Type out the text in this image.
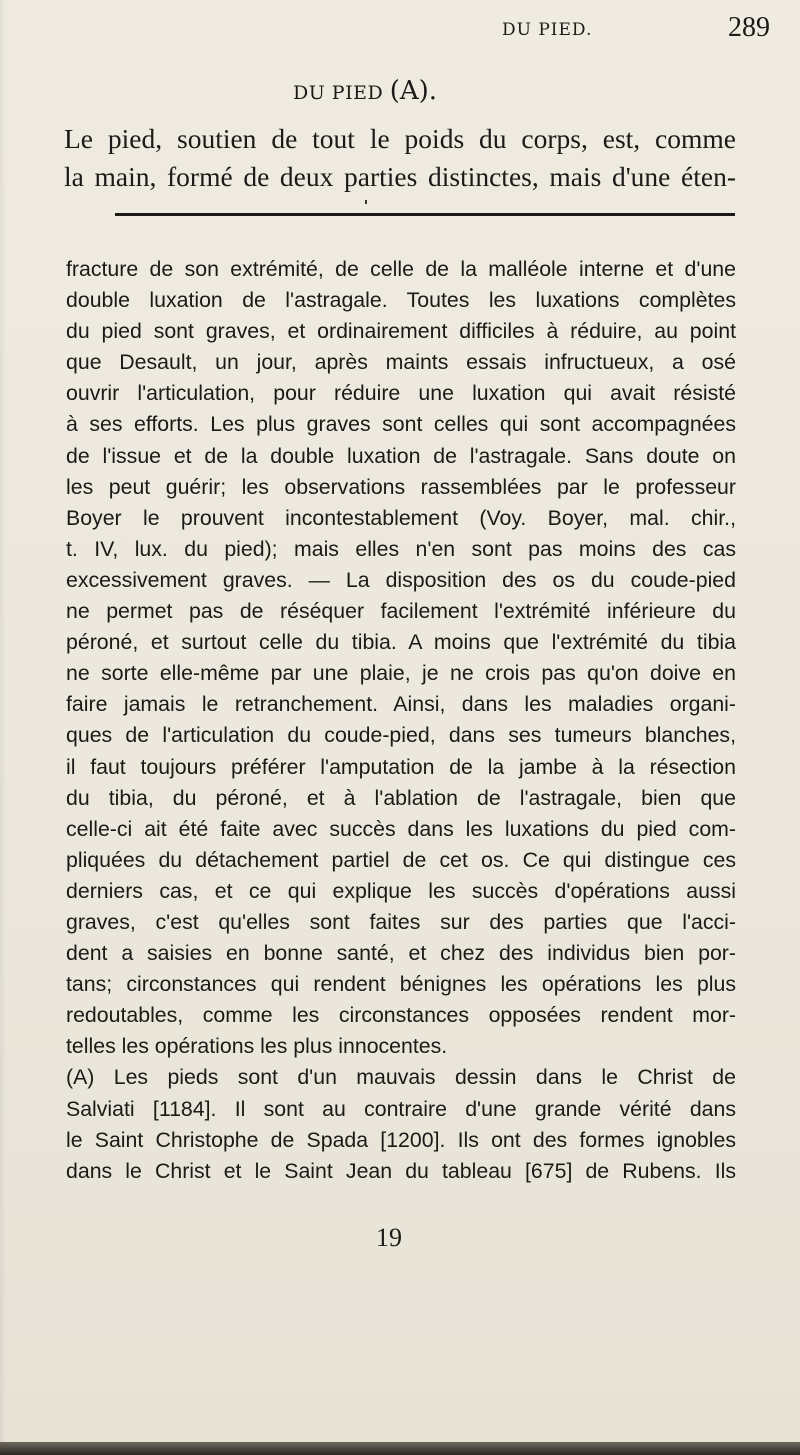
DU PIED.	289
DU PIED (A).
Le pied, soutien de tout le poids du corps, est, comme
la main, formé de deux parties distinctes, mais d'une éten-
fracture de son extrémité, de celle de la malléole interne et d'une
double luxation de l'astragale. Toutes les luxations complètes
du pied sont graves, et ordinairement difficiles à réduire, au point
que Desault, un jour, après maints essais infructueux, a osé
ouvrir l'articulation, pour réduire une luxation qui avait résisté
à ses efforts. Les plus graves sont celles qui sont accompagnées
de l'issue et de la double luxation de l'astragale. Sans doute on
les peut guérir; les observations rassemblées par le professeur
Boyer le prouvent incontestablement (Voy. Boyer, mal. chir.,
t. IV, lux. du pied); mais elles n'en sont pas moins des cas
excessivement graves. — La disposition des os du coude-pied
ne permet pas de réséquer facilement l'extrémité inférieure du
péroné, et surtout celle du tibia. A moins que l'extrémité du tibia
ne sorte elle-même par une plaie, je ne crois pas qu'on doive en
faire jamais le retranchement. Ainsi, dans les maladies organi-
ques de l'articulation du coude-pied, dans ses tumeurs blanches,
il faut toujours préférer l'amputation de la jambe à la résection
du tibia, du péroné, et à l'ablation de l'astragale, bien que
celle-ci ait été faite avec succès dans les luxations du pied com-
pliquées du détachement partiel de cet os. Ce qui distingue ces
derniers cas, et ce qui explique les succès d'opérations aussi
graves, c'est qu'elles sont faites sur des parties que l'acci-
dent a saisies en bonne santé, et chez des individus bien por-
tans; circonstances qui rendent bénignes les opérations les plus
redoutables, comme les circonstances opposées rendent mor-
telles les opérations les plus innocentes.
(A) Les pieds sont d'un mauvais dessin dans le Christ de
Salviati [1184]. Il sont au contraire d'une grande vérité dans
le Saint Christophe de Spada [1200]. Ils ont des formes ignobles
dans le Christ et le Saint Jean du tableau [675] de Rubens. Ils
19
